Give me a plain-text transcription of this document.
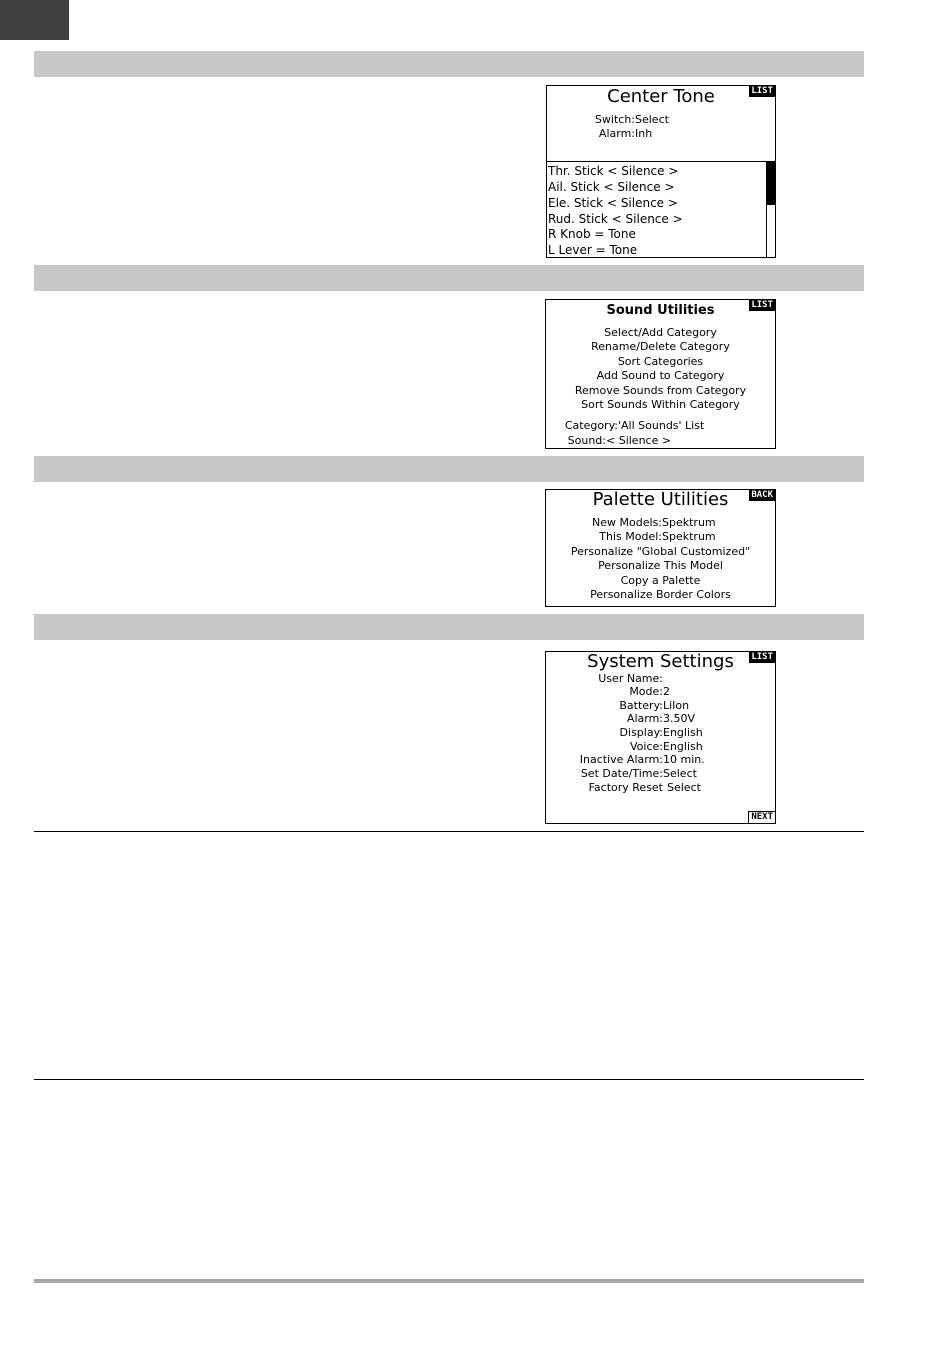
Center Tone	LIST
Switch: Select
Alarm: Inh
Thr. Stick < Silence >
Ail. Stick < Silence >
Ele. Stick < Silence >
Rud. Stick < Silence >
R Knob = Tone
L Lever = Tone
Sound Utilities	LIST
Select/Add Category
Rename/Delete Category
Sort Categories
Add Sound to Category
Remove Sounds from Category
Sort Sounds Within Category
Category: 'All Sounds' List
Sound: < Silence >
Palette Utilities	BACK
New Models: Spektrum
This Model: Spektrum
Personalize "Global Customized"
Personalize This Model
Copy a Palette
Personalize Border Colors
System Settings	LIST
User Name:
Mode: 2
Battery: LiIon
Alarm: 3.50V
Display: English
Voice: English
Inactive Alarm: 10 min.
Set Date/Time: Select
Factory Reset Select
NEXT
